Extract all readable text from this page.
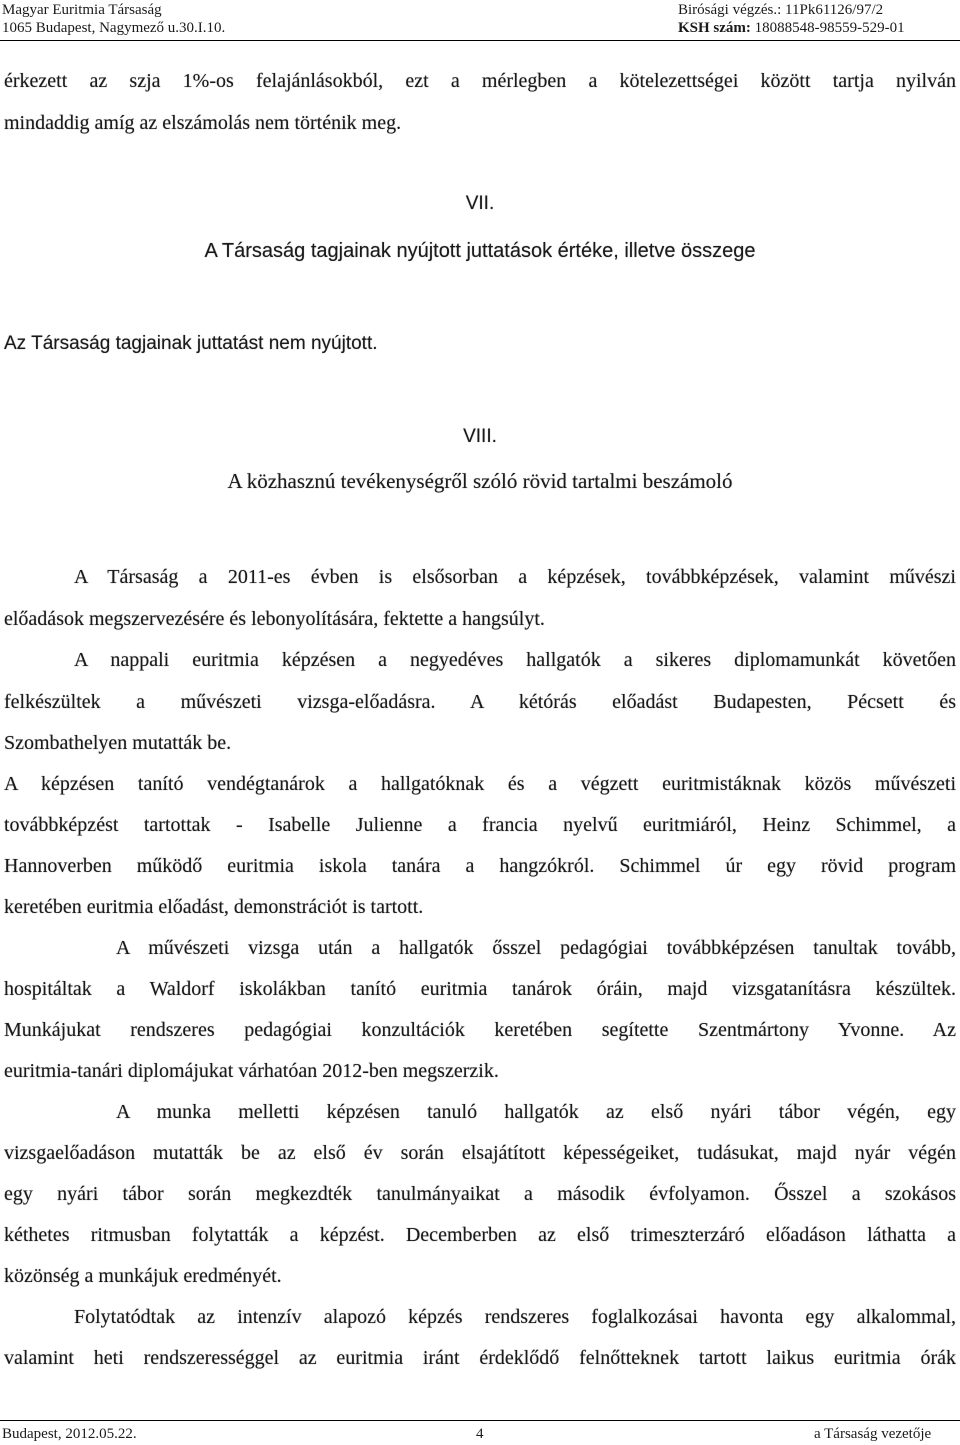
Magyar Euritmia Társaság
1065 Budapest, Nagymező u.30.I.10.
Birósági végzés.: 11Pk61126/97/2
KSH szám: 18088548-98559-529-01
érkezett az szja 1%-os felajánlásokból, ezt a mérlegben a kötelezettségei között tartja nyilván
mindaddig amíg az elszámolás nem történik meg.
VII.
A Társaság tagjainak nyújtott juttatások értéke, illetve összege
Az Társaság tagjainak juttatást nem nyújtott.
VIII.
A közhasznú tevékenységről szóló rövid tartalmi beszámoló
A Társaság a 2011-es évben is elsősorban a képzések, továbbképzések, valamint művészi
előadások megszervezésére és lebonyolítására, fektette a hangsúlyt.
A nappali euritmia képzésen a negyedéves hallgatók a sikeres diplomamunkát követően
felkészültek a művészeti vizsga-előadásra. A kétórás előadást Budapesten, Pécsett és
Szombathelyen mutatták be.
A képzésen tanító vendégtanárok a hallgatóknak és a végzett euritmistáknak közös művészeti
továbbképzést tartottak - Isabelle Julienne a francia nyelvű euritmiáról, Heinz Schimmel, a
Hannoverben működő euritmia iskola tanára a hangzókról. Schimmel úr egy rövid program
keretében euritmia előadást, demonstrációt is tartott.
A művészeti vizsga után a hallgatók ősszel pedagógiai továbbképzésen tanultak tovább,
hospitáltak a Waldorf iskolákban tanító euritmia tanárok óráin, majd vizsgatanításra készültek.
Munkájukat rendszeres pedagógiai konzultációk keretében segítette Szentmártony Yvonne. Az
euritmia-tanári diplomájukat várhatóan 2012-ben megszerzik.
A munka melletti képzésen tanuló hallgatók az első nyári tábor végén, egy
vizsgaelőadáson mutatták be az első év során elsajátított képességeiket, tudásukat, majd nyár végén
egy nyári tábor során megkezdték tanulmányaikat a második évfolyamon. Ősszel a szokásos
kéthetes ritmusban folytatták a képzést. Decemberben az első trimeszterzáró előadáson láthatta a
közönség a munkájuk eredményét.
Folytatódtak az intenzív alapozó képzés rendszeres foglalkozásai havonta egy alkalommal,
valamint heti rendszerességgel az euritmia iránt érdeklődő felnőtteknek tartott laikus euritmia órák
Budapest, 2012.05.22.	4	a Társaság vezetője
